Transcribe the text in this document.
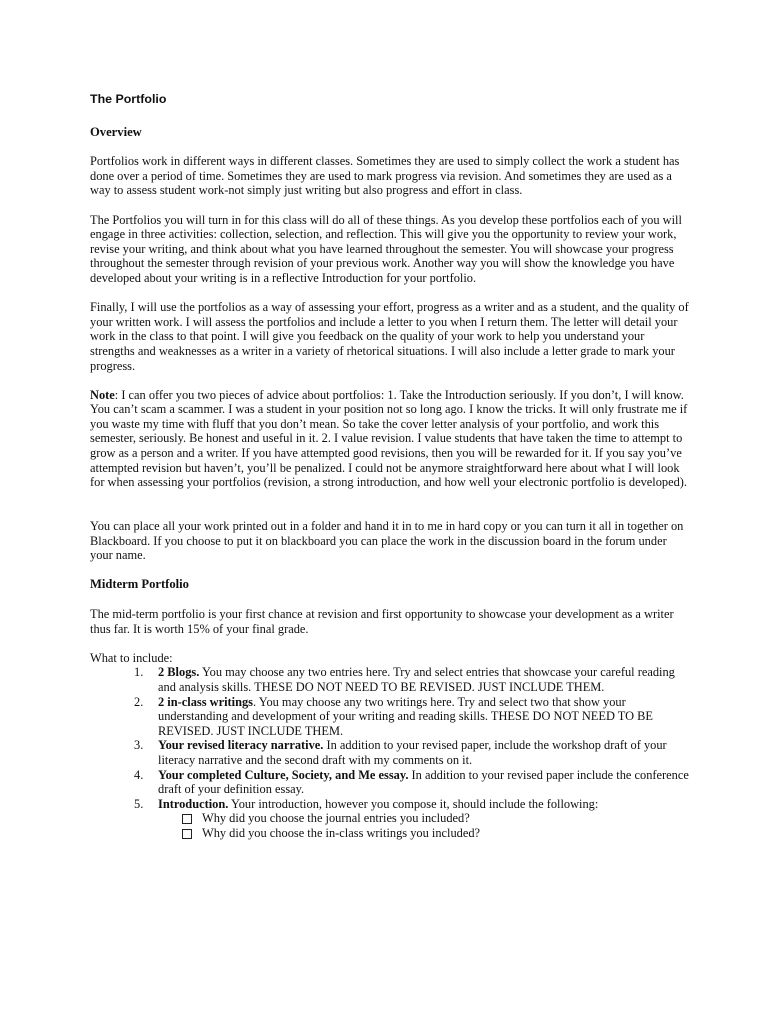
The Portfolio
Overview

Portfolios work in different ways in different classes. Sometimes they are used to simply collect the work a student has done over a period of time. Sometimes they are used to mark progress via revision. And sometimes they are used as a way to assess student work-not simply just writing but also progress and effort in class.

The Portfolios you will turn in for this class will do all of these things. As you develop these portfolios each of you will engage in three activities: collection, selection, and reflection. This will give you the opportunity to review your work, revise your writing, and think about what you have learned throughout the semester. You will showcase your progress throughout the semester through revision of your previous work. Another way you will show the knowledge you have developed about your writing is in a reflective Introduction for your portfolio.

Finally, I will use the portfolios as a way of assessing your effort, progress as a writer and as a student, and the quality of your written work. I will assess the portfolios and include a letter to you when I return them. The letter will detail your work in the class to that point. I will give you feedback on the quality of your work to help you understand your strengths and weaknesses as a writer in a variety of rhetorical situations. I will also include a letter grade to mark your progress.

Note: I can offer you two pieces of advice about portfolios: 1. Take the Introduction seriously. If you don’t, I will know. You can’t scam a scammer. I was a student in your position not so long ago. I know the tricks. It will only frustrate me if you waste my time with fluff that you don’t mean. So take the cover letter analysis of your portfolio, and work this semester, seriously. Be honest and useful in it. 2. I value revision. I value students that have taken the time to attempt to grow as a person and a writer. If you have attempted good revisions, then you will be rewarded for it. If you say you’ve attempted revision but haven’t, you’ll be penalized. I could not be anymore straightforward here about what I will look for when assessing your portfolios (revision, a strong introduction, and how well your electronic portfolio is developed).

You can place all your work printed out in a folder and hand it in to me in hard copy or you can turn it all in together on Blackboard. If you choose to put it on blackboard you can place the work in the discussion board in the forum under your name.

Midterm Portfolio

The mid-term portfolio is your first chance at revision and first opportunity to showcase your development as a writer thus far. It is worth 15% of your final grade.

What to include:
1. 2 Blogs. You may choose any two entries here. Try and select entries that showcase your careful reading and analysis skills. THESE DO NOT NEED TO BE REVISED. JUST INCLUDE THEM.
2. 2 in-class writings. You may choose any two writings here. Try and select two that show your understanding and development of your writing and reading skills. THESE DO NOT NEED TO BE REVISED. JUST INCLUDE THEM.
3. Your revised literacy narrative. In addition to your revised paper, include the workshop draft of your literacy narrative and the second draft with my comments on it.
4. Your completed Culture, Society, and Me essay. In addition to your revised paper include the conference draft of your definition essay.
5. Introduction. Your introduction, however you compose it, should include the following:
Why did you choose the journal entries you included?
Why did you choose the in-class writings you included?
